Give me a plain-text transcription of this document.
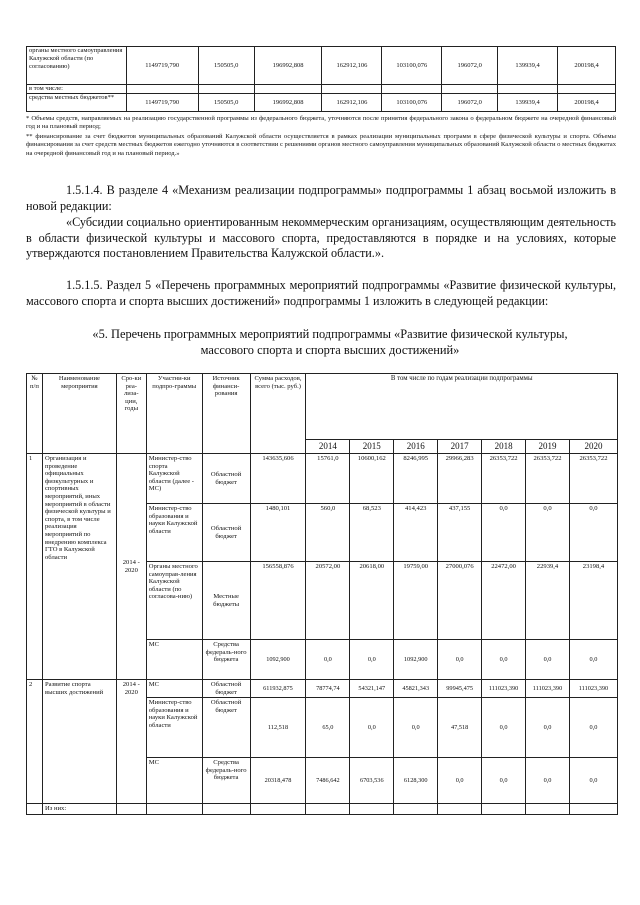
органы местного самоуправления Калужской области (по согласованию)	1149719,790	150505,0	196992,808	162912,106	103100,076	196072,0	139939,4	200198,4
в том числе:								
средства местных бюджетов**	1149719,790	150505,0	196992,808	162912,106	103100,076	196072,0	139939,4	200198,4
* Объемы средств, направляемых на реализацию государственной программы из федерального бюджета, уточняются после принятия федерального закона о федеральном бюджете на очередной финансовый год и на плановый период;
** финансирование за счет бюджетов муниципальных образований Калужской области осуществляется в рамках реализации муниципальных программ в сфере физической культуры и спорта. Объемы финансирования за счет средств местных бюджетов ежегодно уточняются в соответствии с решениями органов местного самоуправления муниципальных образований Калужской области о местных бюджетах на очередной финансовый год и на плановый период.»
1.5.1.4. В разделе 4 «Механизм реализации подпрограммы» подпрограммы 1 абзац восьмой изложить в новой редакции:
«Субсидии социально ориентированным некоммерческим организациям, осуществляющим деятельность в области физической культуры и массового спорта, предоставляются в порядке и на условиях, которые утверждаются постановлением Правительства Калужской области.».
1.5.1.5. Раздел 5 «Перечень программных мероприятий подпрограммы «Развитие физической культуры, массового спорта и спорта высших достижений» подпрограммы 1 изложить в следующей редакции:
«5. Перечень программных мероприятий подпрограммы «Развитие физической культуры, массового спорта и спорта высших достижений»
№ п/п	Наименование мероприятия	Сро-ки реа-лиза-ции, годы	Участни-ки подпро-граммы	Источник финанси-рования	Сумма расходов, всего (тыс. руб.)	В том числе по годам реализации подпрограммы						
						2014	2015	2016	2017	2018	2019	2020
1	Организация и проведение официальных физкультурных и спортивных мероприятий, иных мероприятий в области физической культуры и спорта, в том числе реализация мероприятий по внедрению комплекса ГТО в Калужской области	2014 - 2020	Министер-ство спорта Калужской области (далее - МС)	Областной бюджет	143635,606	15761,0	10600,162	8246,995	29966,283	26353,722	26353,722	26353,722
			Министер-ство образования и науки Калужской области	Областной бюджет	1480,101	560,0	68,523	414,423	437,155	0,0	0,0	0,0
			Органы местного самоуправ-ления Калужской области (по согласова-нию)	Местные бюджеты	156558,876	20572,00	20618,00	19759,00	27000,076	22472,00	22939,4	23198,4
			МС	Средства федераль-ного бюджета	1092,900	0,0	0,0	1092,900	0,0	0,0	0,0	0,0
2	Развитие спорта высших достижений	2014 - 2020	МС	Областной бюджет	611932,875	78774,74	54321,147	45821,343	99945,475	111023,390	111023,390	111023,390
			Министер-ство образования и науки Калужской области	Областной бюджет	112,518	65,0	0,0	0,0	47,518	0,0	0,0	0,0
			МС	Средства федераль-ного бюджета	20318,478	7486,642	6703,536	6128,300	0,0	0,0	0,0	0,0
	Из них:											
